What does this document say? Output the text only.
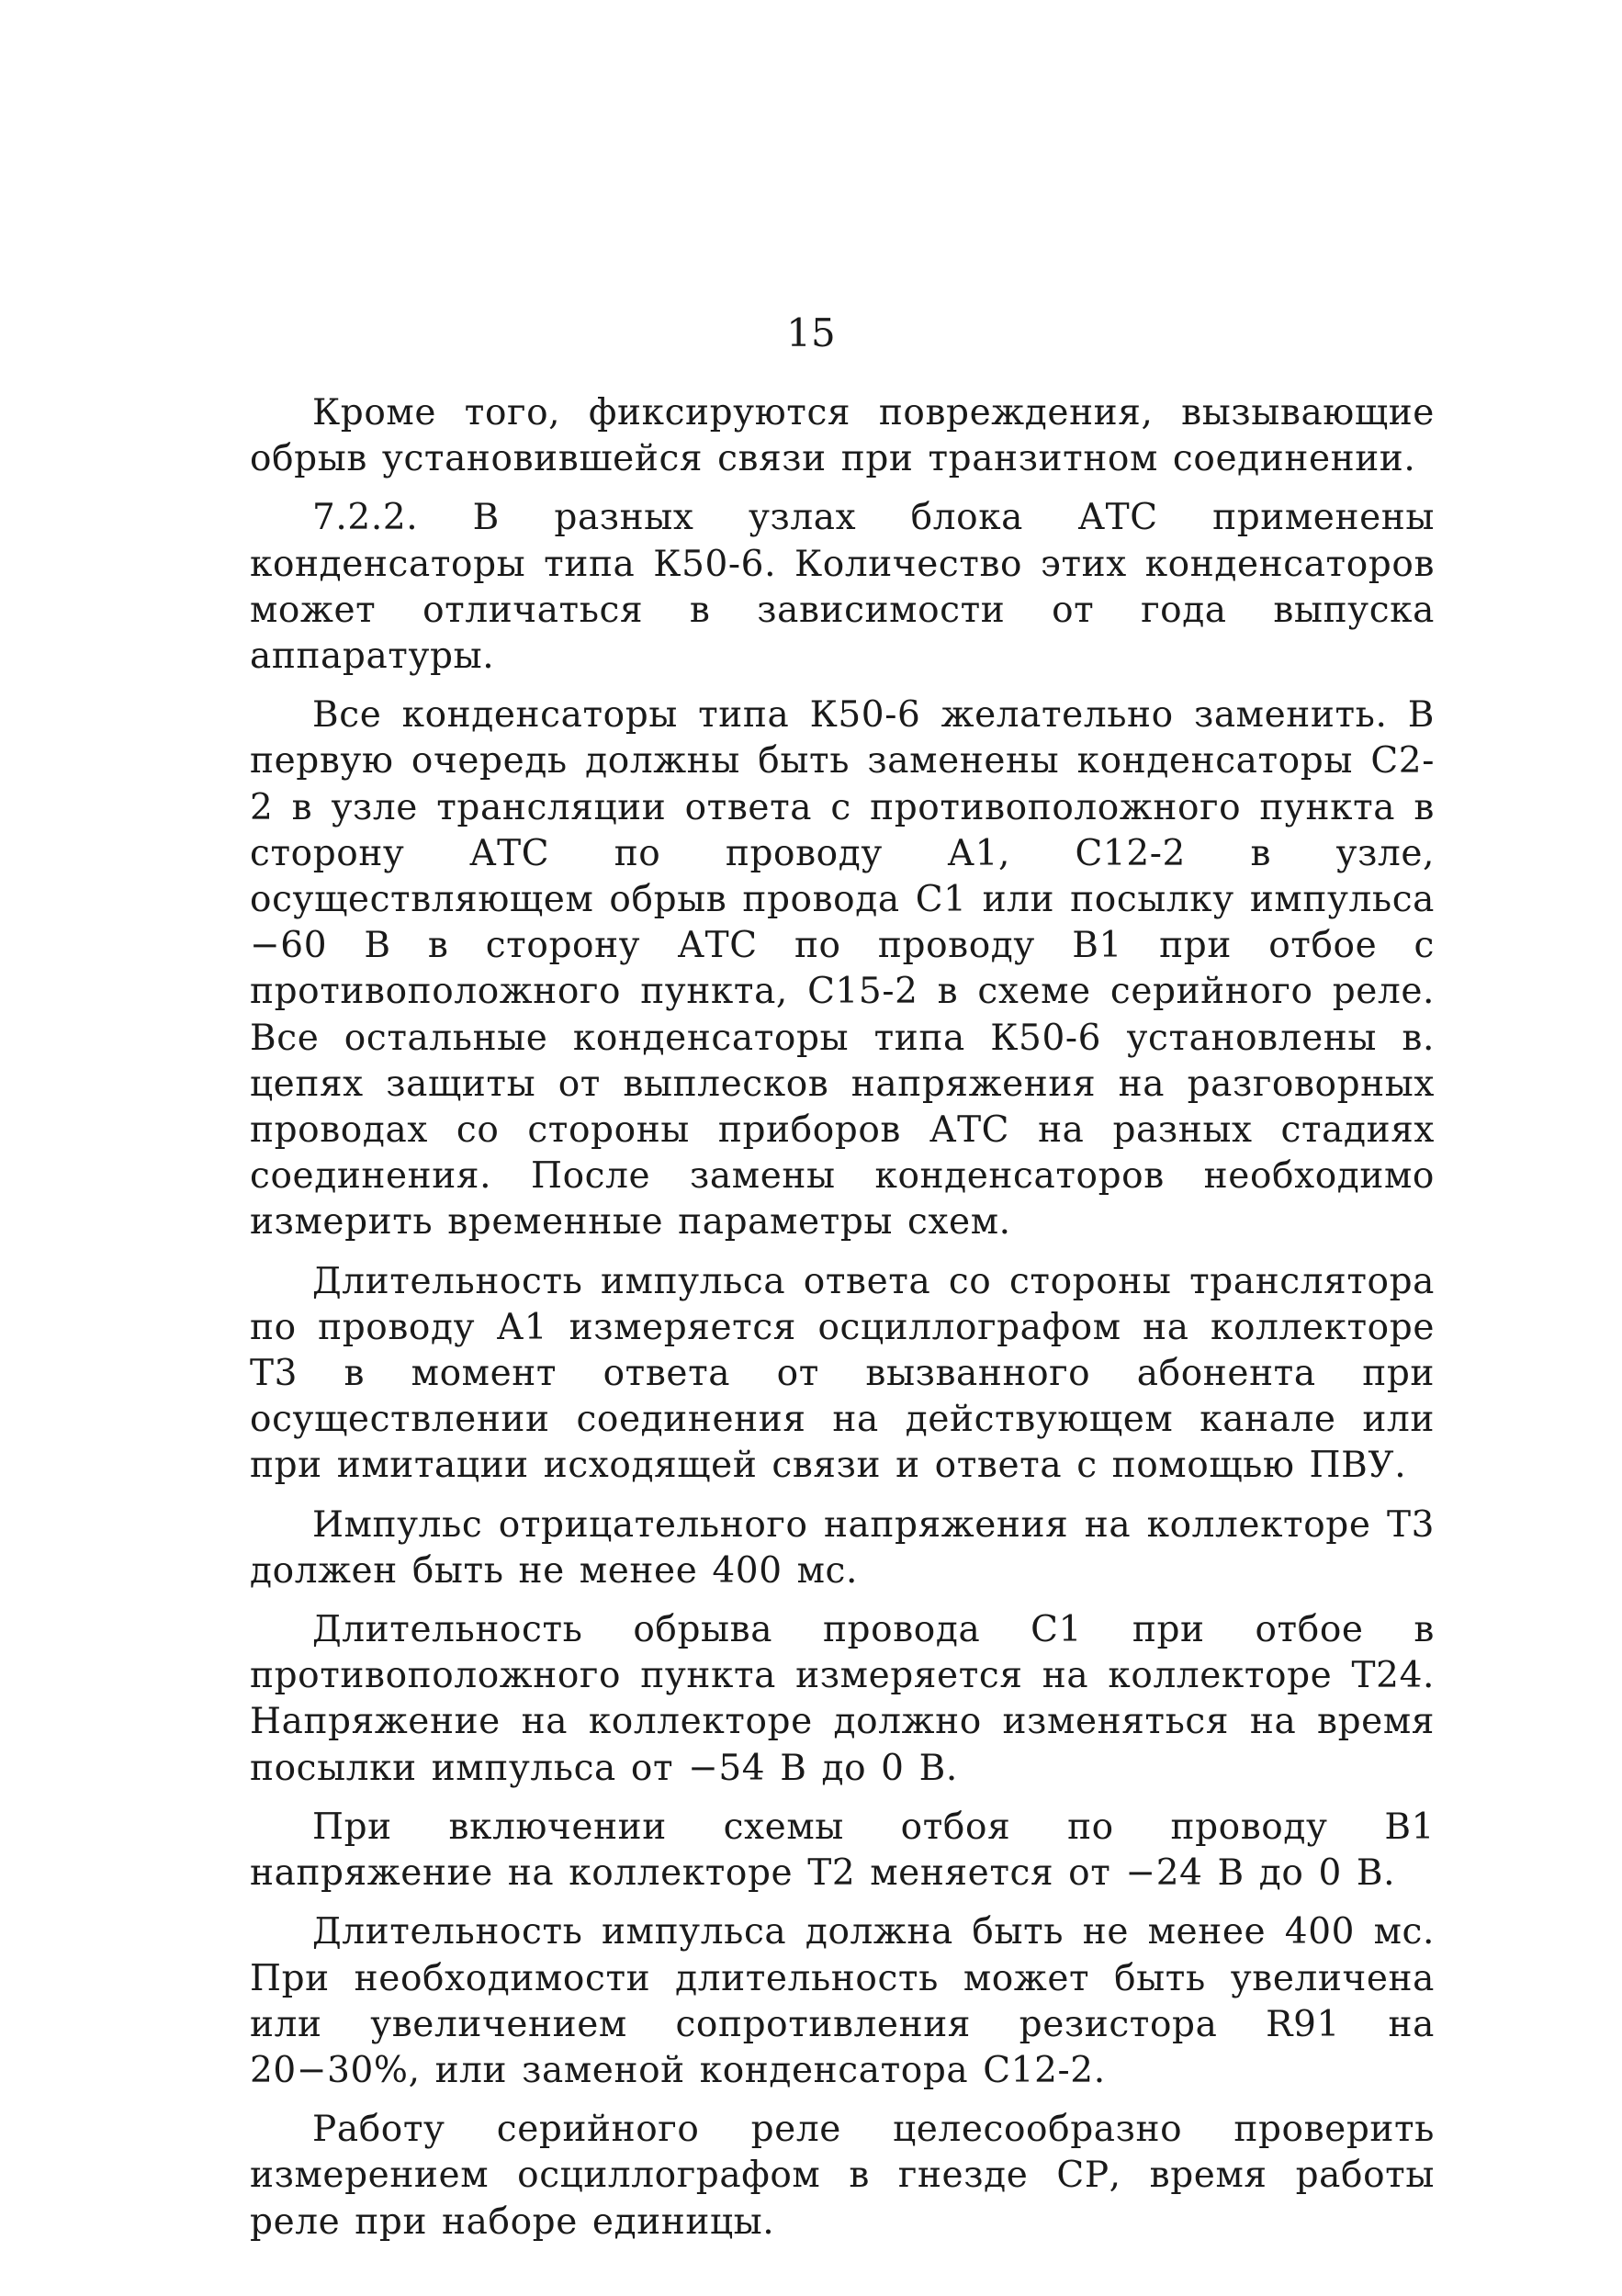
15

Кроме того, фиксируются повреждения, вызывающие обрыв установившейся связи при транзитном соединении.

7.2.2. В разных узлах блока АТС применены конденсаторы типа К50-6. Количество этих конденсаторов может отличаться в зависимости от года выпуска аппаратуры.

Все конденсаторы типа К50-6 желательно заменить. В первую очередь должны быть заменены конденсаторы С2-2 в узле трансляции ответа с противоположного пункта в сторону АТС по проводу А1, С12-2 в узле, осуществляющем обрыв провода С1 или посылку импульса −60 В в сторону АТС по проводу В1 при отбое с противоположного пункта, С15-2 в схеме серийного реле. Все остальные конденсаторы типа К50-6 установлены в. цепях защиты от выплесков напряжения на разговорных проводах со стороны приборов АТС на разных стадиях соединения. После замены конденсаторов необходимо измерить временные параметры схем.

Длительность импульса ответа со стороны транслятора по проводу А1 измеряется осциллографом на коллекторе Т3 в момент ответа от вызванного абонента при осуществлении соединения на действующем канале или при имитации исходящей связи и ответа с помощью ПВУ.

Импульс отрицательного напряжения на коллекторе Т3 должен быть не менее 400 мс.

Длительность обрыва провода С1 при отбое в противоположного пункта измеряется на коллекторе Т24. Напряжение на коллекторе должно изменяться на время посылки импульса от −54 В до 0 В.

При включении схемы отбоя по проводу В1 напряжение на коллекторе Т2 меняется от −24 В до 0 В.

Длительность импульса должна быть не менее 400 мс. При необходимости длительность может быть увеличена или увеличением сопротивления резистора R91 на 20−30%, или заменой конденсатора С12-2.

Работу серийного реле целесообразно проверить измерением осциллографом в гнезде СР, время работы реле при наборе единицы.
